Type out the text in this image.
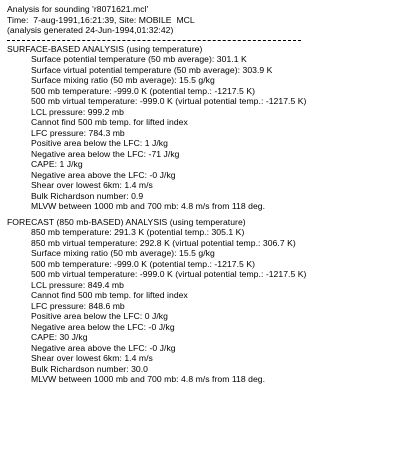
Analysis for sounding 'r8071621.mcl'
Time:  7-aug-1991,16:21:39, Site: MOBILE  MCL
(analysis generated 24-Jun-1994,01:32:42)
SURFACE-BASED ANALYSIS (using temperature)
Surface potential temperature (50 mb average): 301.1 K
Surface virtual potential temperature (50 mb average): 303.9 K
Surface mixing ratio (50 mb average): 15.5 g/kg
500 mb temperature: -999.0 K (potential temp.: -1217.5 K)
500 mb virtual temperature: -999.0 K (virtual potential temp.: -1217.5 K)
LCL pressure: 999.2 mb
Cannot find 500 mb temp. for lifted index
LFC pressure: 784.3 mb
Positive area below the LFC: 1 J/kg
Negative area below the LFC: -71 J/kg
CAPE: 1 J/kg
Negative area above the LFC: -0 J/kg
Shear over lowest 6km: 1.4 m/s
Bulk Richardson number: 0.9
MLVW between 1000 mb and 700 mb: 4.8 m/s from 118 deg.
FORECAST (850 mb-BASED) ANALYSIS (using temperature)
850 mb temperature: 291.3 K (potential temp.: 305.1 K)
850 mb virtual temperature: 292.8 K (virtual potential temp.: 306.7 K)
Surface mixing ratio (50 mb average): 15.5 g/kg
500 mb temperature: -999.0 K (potential temp.: -1217.5 K)
500 mb virtual temperature: -999.0 K (virtual potential temp.: -1217.5 K)
LCL pressure: 849.4 mb
Cannot find 500 mb temp. for lifted index
LFC pressure: 848.6 mb
Positive area below the LFC: 0 J/kg
Negative area below the LFC: -0 J/kg
CAPE: 30 J/kg
Negative area above the LFC: -0 J/kg
Shear over lowest 6km: 1.4 m/s
Bulk Richardson number: 30.0
MLVW between 1000 mb and 700 mb: 4.8 m/s from 118 deg.
